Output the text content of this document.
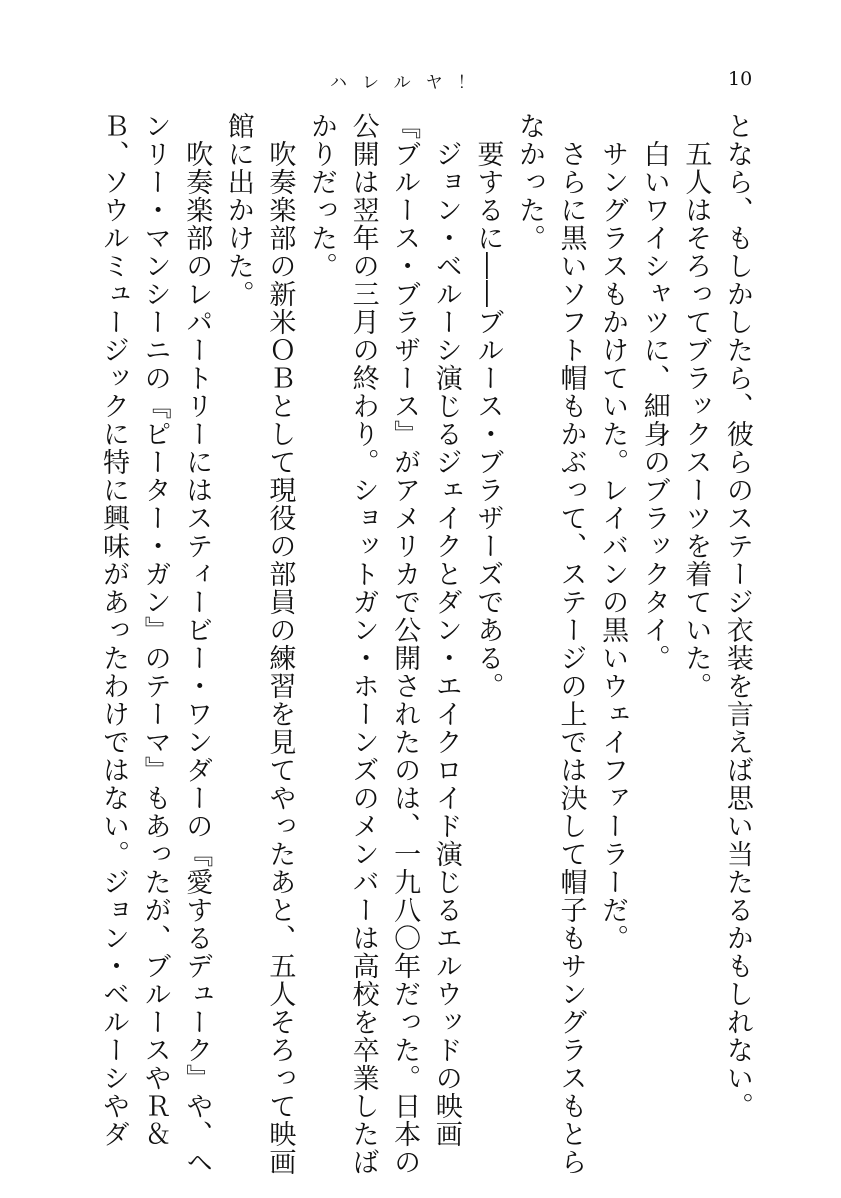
ハレルヤ！	10
となら、もしかしたら、彼らのステージ衣装を言えば思い当たるかもしれない。
　五人はそろってブラックスーツを着ていた。
　白いワイシャツに、細身のブラックタイ。
　サングラスもかけていた。レイバンの黒いウェイファーラーだ。
　さらに黒いソフト帽もかぶって、ステージの上では決して帽子もサングラスもとら
なかった。
　要するに――ブルース・ブラザーズである。
　ジョン・ベルーシ演じるジェイクとダン・エイクロイド演じるエルウッドの映画
『ブルース・ブラザース』がアメリカで公開されたのは、一九八〇年だった。日本の
公開は翌年の三月の終わり。ショットガン・ホーンズのメンバーは高校を卒業したば
かりだった。
　吹奏楽部の新米ＯＢとして現役の部員の練習を見てやったあと、五人そろって映画
館に出かけた。
　吹奏楽部のレパートリーにはスティービー・ワンダーの『愛するデューク』や、ヘ
ンリー・マンシーニの『ピーター・ガン』のテーマ』もあったが、ブルースやＲ＆
Ｂ、ソウルミュージックに特に興味があったわけではない。ジョン・ベルーシやダ
